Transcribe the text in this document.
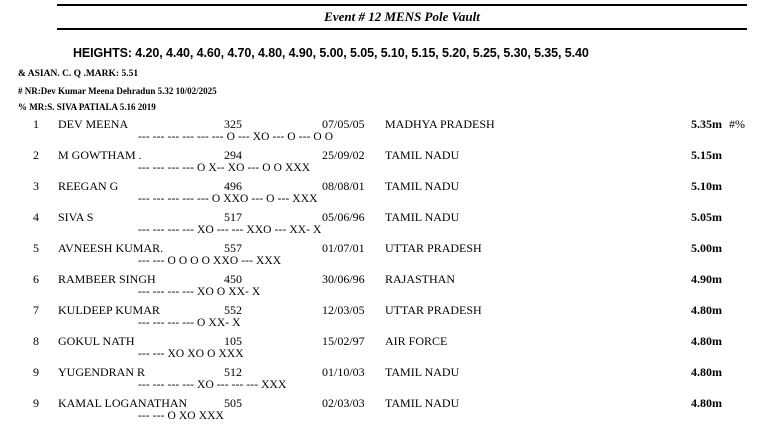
Event # 12 MENS Pole Vault
HEIGHTS: 4.20, 4.40, 4.60, 4.70, 4.80, 4.90, 5.00, 5.05, 5.10, 5.15, 5.20, 5.25, 5.30, 5.35, 5.40
& ASIAN. C. Q .MARK: 5.51
# NR:Dev Kumar Meena Dehradun 5.32 10/02/2025
% MR:S. SIVA PATIALA 5.16 2019
1 DEV MEENA	325	07/05/05 MADHYA PRADESH	5.35m #%
--- --- --- --- --- --- O --- XO --- O --- O O
2 M GOWTHAM .	294	25/09/02 TAMIL NADU	5.15m
--- --- --- --- O X-- XO --- O O XXX
3 REEGAN G	496	08/08/01 TAMIL NADU	5.10m
--- --- --- --- --- O XXO --- O --- XXX
4 SIVA S	517	05/06/96 TAMIL NADU	5.05m
--- --- --- --- XO --- --- XXO --- XX- X
5 AVNEESH KUMAR.	557	01/07/01 UTTAR PRADESH	5.00m
--- --- O O O O XXO --- XXX
6 RAMBEER SINGH	450	30/06/96 RAJASTHAN	4.90m
--- --- --- --- XO O XX- X
7 KULDEEP KUMAR	552	12/03/05 UTTAR PRADESH	4.80m
--- --- --- --- O XX- X
8 GOKUL NATH	105	15/02/97 AIR FORCE	4.80m
--- --- XO XO O XXX
9 YUGENDRAN R	512	01/10/03 TAMIL NADU	4.80m
--- --- --- --- XO --- --- --- XXX
9 KAMAL LOGANATHAN	505	02/03/03 TAMIL NADU	4.80m
--- --- O XO XXX
